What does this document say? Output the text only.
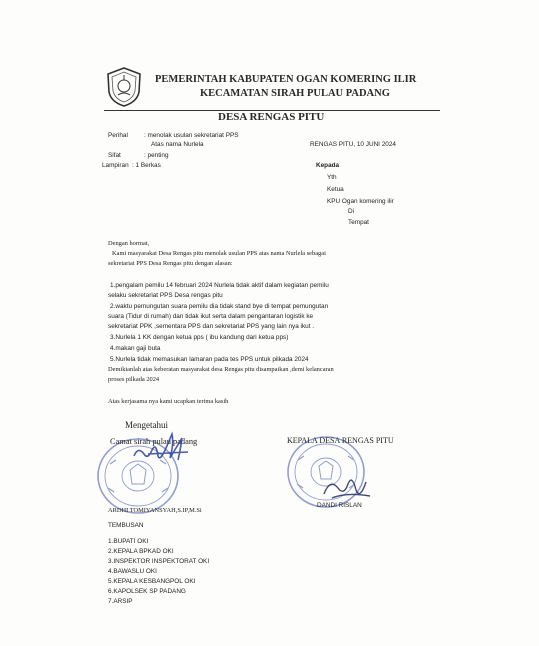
PEMERINTAH KABUPATEN OGAN KOMERING ILIR
KECAMATAN SIRAH PULAU PADANG
DESA RENGAS PITU
Perihal	: menolak usulan sekretariat PPS
Atas nama Nurlela
Sifat	: penting
Lampiran : 1 Berkas
RENGAS PITU, 10 JUNI 2024
Kepada
Yth
Ketua
KPU Ogan komering ilir
Di
Tempat
Dengan hormat,
Kami masyarakat Desa Rengas pitu menolak usulan PPS atas nama Nurlela sebagai
sekretariat PPS Desa Rengas pitu dengan alasan:
1.pengalam pemilu 14 februari 2024 Nurlela tidak aktif dalam kegiatan pemilu
selaku sekretariat PPS Desa rengas pitu
2.waktu pemungutan suara pemilu dia tidak stand bye di tempat pemungutan
suara (Tidur di rumah) dan tidak ikut serta dalam pengantaran logistik ke
sekretariat PPK ,sementara PPS dan sekretariat PPS yang lain nya ikut .
3.Nurlela 1 KK dengan ketua pps ( ibu kandung dari ketua pps)
4.makan gaji buta
5.Nurlela tidak memasukan lamaran pada tes PPS untuk pilkada 2024
Demikianlah atas keberatan masyarakat desa Rengas pitu disampaikan ,demi kelancaran
proses pilkada 2024
Atas kerjasama nya kami ucapkan terima kasih
Mengetahui
Camat sirah pulau padang
ARDHI TOMIYANSYAH,S.IP,M.Si
KEPALA DESA RENGAS PITU
DANDI RISLAN
TEMBUSAN
1.BUPATI OKI
2.KEPALA BPKAD OKI
3.INSPEKTOR INSPEKTORAT OKI
4.BAWASLU OKI
5.KEPALA KESBANGPOL OKI
6.KAPOLSEK SP PADANG
7.ARSIP
